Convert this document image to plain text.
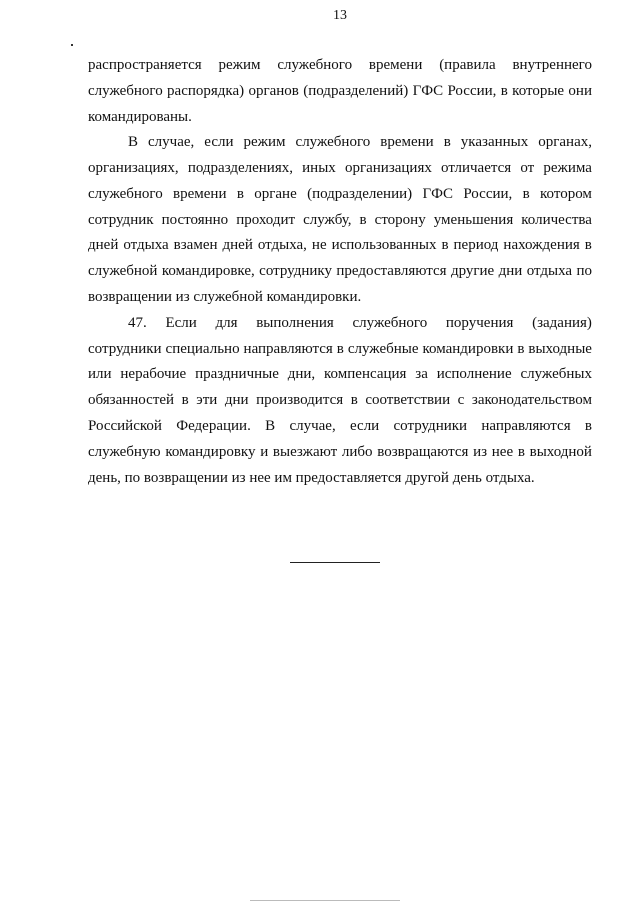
13
распространяется режим служебного времени (правила внутреннего
служебного распорядка) органов (подразделений) ГФС России, в которые они
командированы.
В случае, если режим служебного времени в указанных органах,
организациях, подразделениях, иных организациях отличается от режима
служебного времени в органе (подразделении) ГФС России, в котором
сотрудник постоянно проходит службу, в сторону уменьшения количества
дней отдыха взамен дней отдыха, не использованных в период нахождения в
служебной командировке, сотруднику предоставляются другие дни отдыха по
возвращении из служебной командировки.
47. Если для выполнения служебного поручения (задания)
сотрудники специально направляются в служебные командировки в выходные
или нерабочие праздничные дни, компенсация за исполнение служебных
обязанностей в эти дни производится в соответствии с законодательством
Российской Федерации. В случае, если сотрудники направляются в
служебную командировку и выезжают либо возвращаются из нее в выходной
день, по возвращении из нее им предоставляется другой день отдыха.
